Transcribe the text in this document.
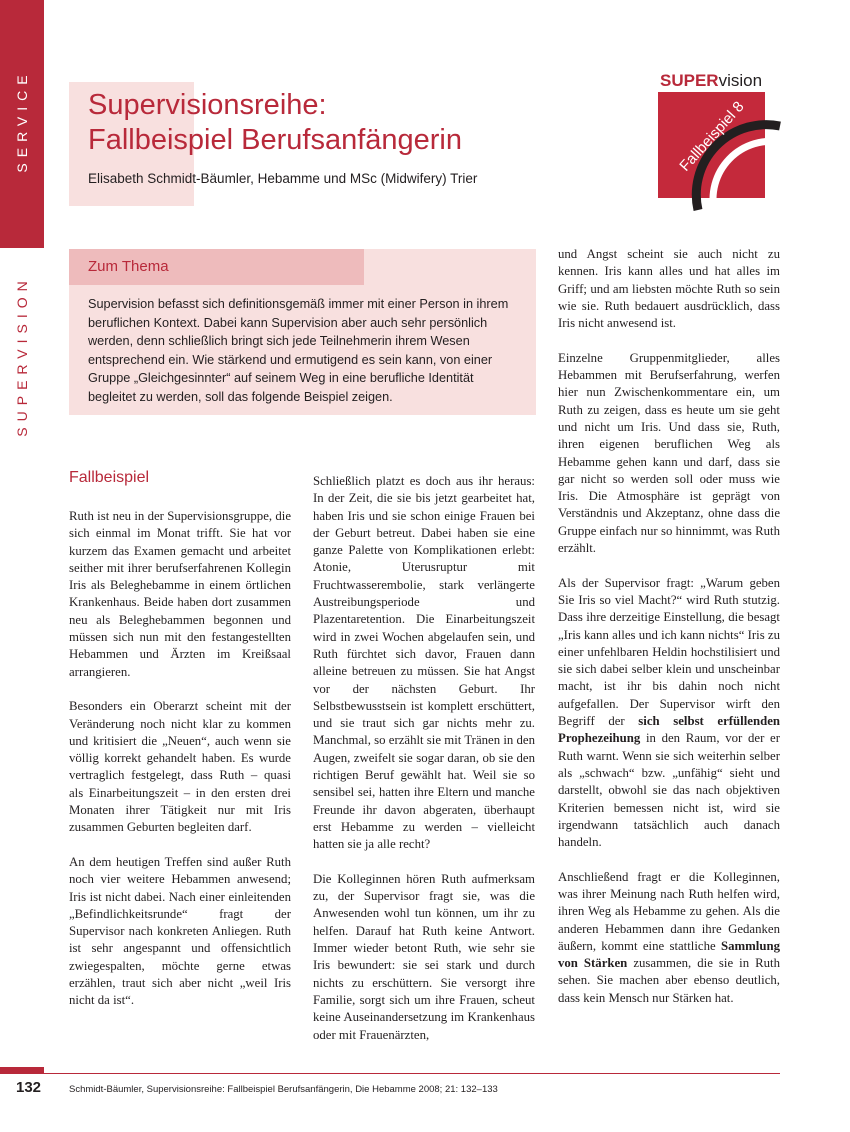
SERVICE
SUPERVISION
Supervisionsreihe:
Fallbeispiel Berufsanfängerin
Elisabeth Schmidt-Bäumler, Hebamme und MSc (Midwifery) Trier
SUPERvision
Fallbeispiel 8
Zum Thema
Supervision befasst sich definitionsgemäß immer mit einer Person in ihrem beruflichen Kontext. Dabei kann Supervision aber auch sehr persönlich werden, denn schließlich bringt sich jede Teilnehmerin ihrem Wesen entsprechend ein. Wie stärkend und ermutigend es sein kann, von einer Gruppe „Gleichgesinnter“ auf seinem Weg in eine berufliche Identität begleitet zu werden, soll das folgende Beispiel zeigen.
Fallbeispiel

Ruth ist neu in der Supervisionsgruppe, die sich einmal im Monat trifft. Sie hat vor kurzem das Examen gemacht und arbeitet seither mit ihrer berufserfahrenen Kollegin Iris als Beleghebamme in einem örtlichen Krankenhaus. Beide haben dort zusammen neu als Beleghebammen begonnen und müssen sich nun mit den festangestellten Hebammen und Ärzten im Kreißsaal arrangieren.

Besonders ein Oberarzt scheint mit der Veränderung noch nicht klar zu kommen und kritisiert die „Neuen“, auch wenn sie völlig korrekt gehandelt haben. Es wurde vertraglich festgelegt, dass Ruth – quasi als Einarbeitungszeit – in den ersten drei Monaten ihrer Tätigkeit nur mit Iris zusammen Geburten begleiten darf.

An dem heutigen Treffen sind außer Ruth noch vier weitere Hebammen anwesend; Iris ist nicht dabei. Nach einer einleitenden „Befindlichkeitsrunde“ fragt der Supervisor nach konkreten Anliegen. Ruth ist sehr angespannt und offensichtlich zwiegespalten, möchte gerne etwas erzählen, traut sich aber nicht „weil Iris nicht da ist“.

Schließlich platzt es doch aus ihr heraus: In der Zeit, die sie bis jetzt gearbeitet hat, haben Iris und sie schon einige Frauen bei der Geburt betreut. Dabei haben sie eine ganze Palette von Komplikationen erlebt: Atonie, Uterusruptur mit Fruchtwasserembolie, stark verlängerte Austreibungsperiode und Plazentaretention. Die Einarbeitungszeit wird in zwei Wochen abgelaufen sein, und Ruth fürchtet sich davor, Frauen dann alleine betreuen zu müssen. Sie hat Angst vor der nächsten Geburt. Ihr Selbstbewusstsein ist komplett erschüttert, und sie traut sich gar nichts mehr zu. Manchmal, so erzählt sie mit Tränen in den Augen, zweifelt sie sogar daran, ob sie den richtigen Beruf gewählt hat. Weil sie so sensibel sei, hatten ihre Eltern und manche Freunde ihr davon abgeraten, überhaupt erst Hebamme zu werden – vielleicht hatten sie ja alle recht?

Die Kolleginnen hören Ruth aufmerksam zu, der Supervisor fragt sie, was die Anwesenden wohl tun können, um ihr zu helfen. Darauf hat Ruth keine Antwort. Immer wieder betont Ruth, wie sehr sie Iris bewundert: sie sei stark und durch nichts zu erschüttern. Sie versorgt ihre Familie, sorgt sich um ihre Frauen, scheut keine Auseinandersetzung im Krankenhaus oder mit Frauenärzten,

und Angst scheint sie auch nicht zu kennen. Iris kann alles und hat alles im Griff; und am liebsten möchte Ruth so sein wie sie. Ruth bedauert ausdrücklich, dass Iris nicht anwesend ist.

Einzelne Gruppenmitglieder, alles Hebammen mit Berufserfahrung, werfen hier nun Zwischenkommentare ein, um Ruth zu zeigen, dass es heute um sie geht und nicht um Iris. Und dass sie, Ruth, ihren eigenen beruflichen Weg als Hebamme gehen kann und darf, dass sie gar nicht so werden soll oder muss wie Iris. Die Atmosphäre ist geprägt von Verständnis und Akzeptanz, ohne dass die Gruppe einfach nur so hinnimmt, was Ruth erzählt.

Als der Supervisor fragt: „Warum geben Sie Iris so viel Macht?“ wird Ruth stutzig. Dass ihre derzeitige Einstellung, die besagt „Iris kann alles und ich kann nichts“ Iris zu einer unfehlbaren Heldin hochstilisiert und sie sich dabei selber klein und unscheinbar macht, ist ihr bis dahin noch nicht aufgefallen. Der Supervisor wirft den Begriff der sich selbst erfüllenden Prophezeihung in den Raum, vor der er Ruth warnt. Wenn sie sich weiterhin selber als „schwach“ bzw. „unfähig“ sieht und darstellt, obwohl sie das nach objektiven Kriterien bemessen nicht ist, wird sie irgendwann tatsächlich auch danach handeln.

Anschließend fragt er die Kolleginnen, was ihrer Meinung nach Ruth helfen wird, ihren Weg als Hebamme zu gehen. Als die anderen Hebammen dann ihre Gedanken äußern, kommt eine stattliche Sammlung von Stärken zusammen, die sie in Ruth sehen. Sie machen aber ebenso deutlich, dass kein Mensch nur Stärken hat.

132	Schmidt-Bäumler, Supervisionsreihe: Fallbeispiel Berufsanfängerin, Die Hebamme 2008; 21: 132–133
